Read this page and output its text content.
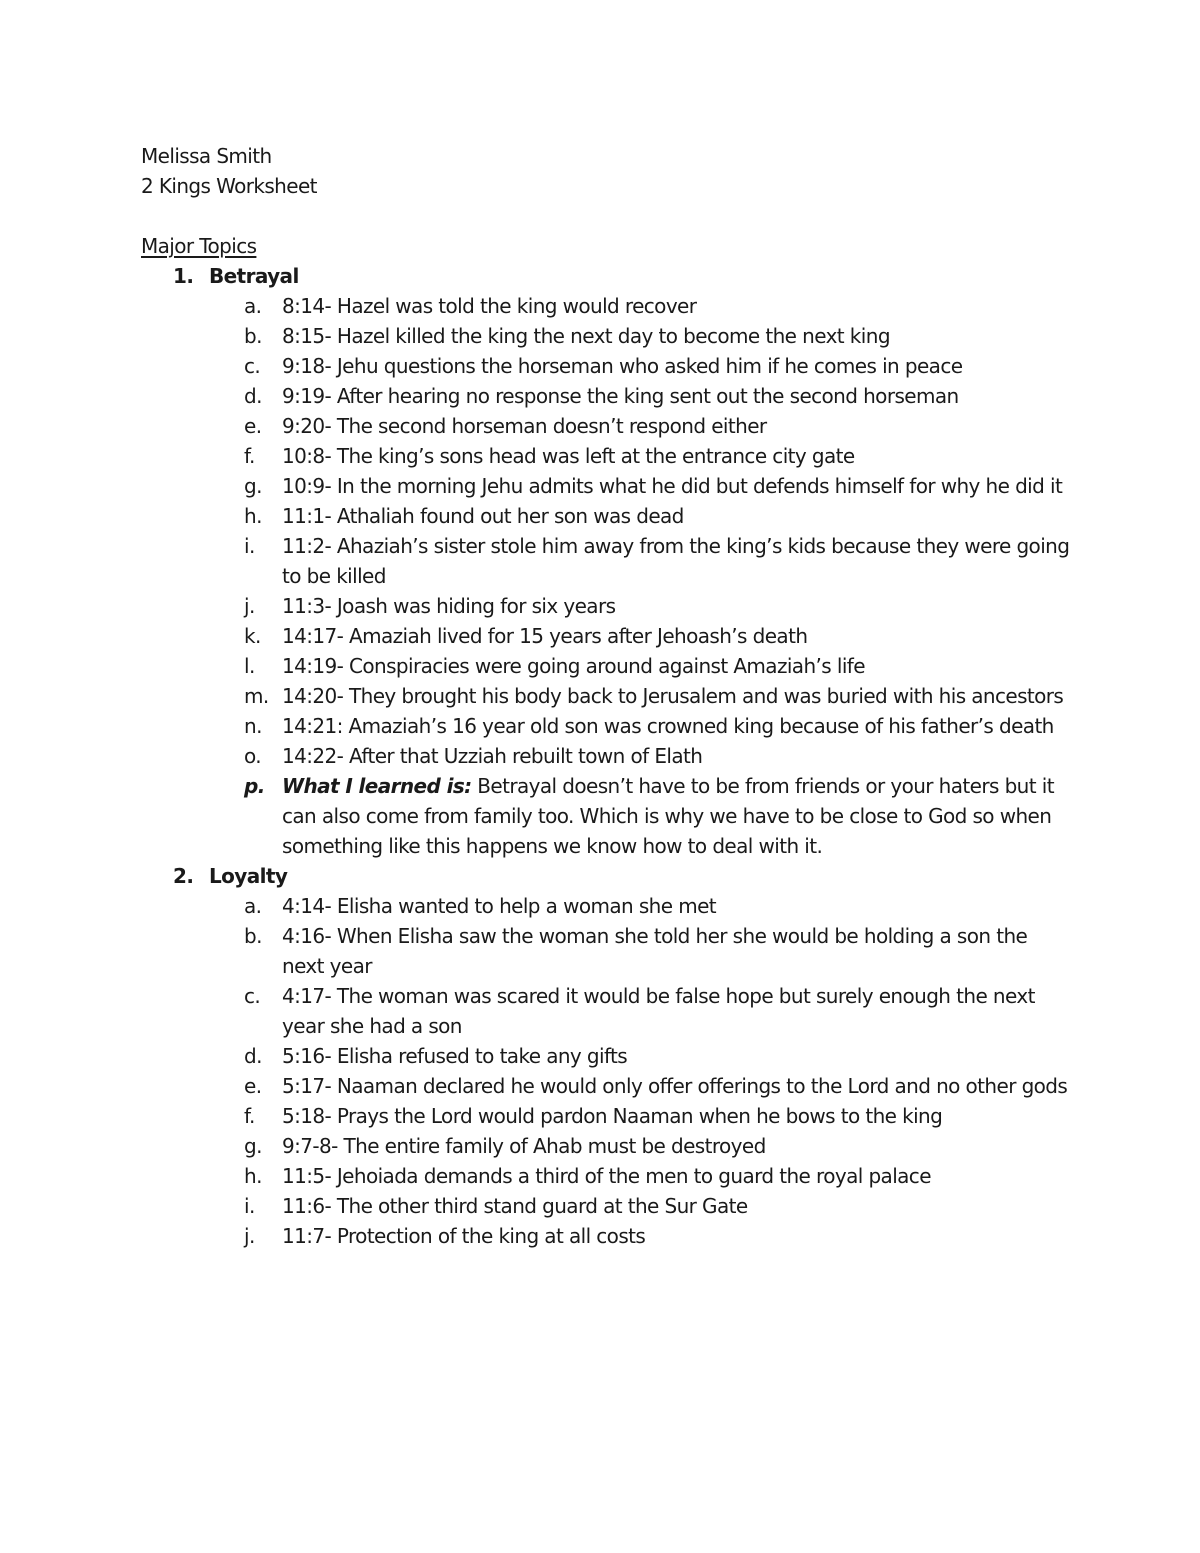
Melissa Smith
2 Kings Worksheet
Major Topics
1. Betrayal
a.	8:14- Hazel was told the king would recover
b.	8:15- Hazel killed the king the next day to become the next king
c.	9:18- Jehu questions the horseman who asked him if he comes in peace
d.	9:19- After hearing no response the king sent out the second horseman
e.	9:20- The second horseman doesn’t respond either
f.	10:8- The king’s sons head was left at the entrance city gate
g.	10:9- In the morning Jehu admits what he did but defends himself for why he did it
h.	11:1- Athaliah found out her son was dead
i.	11:2- Ahaziah’s sister stole him away from the king’s kids because they were going to be killed
j.	11:3- Joash was hiding for six years
k.	14:17- Amaziah lived for 15 years after Jehoash’s death
l.	14:19- Conspiracies were going around against Amaziah’s life
m. 14:20- They brought his body back to Jerusalem and was buried with his ancestors
n.	14:21: Amaziah’s 16 year old son was crowned king because of his father’s death
o.	14:22- After that Uzziah rebuilt town of Elath
p. What I learned is: Betrayal doesn’t have to be from friends or your haters but it can also come from family too. Which is why we have to be close to God so when something like this happens we know how to deal with it.
2. Loyalty
a.	4:14- Elisha wanted to help a woman she met
b.	4:16- When Elisha saw the woman she told her she would be holding a son the next year
c.	4:17- The woman was scared it would be false hope but surely enough the next year she had a son
d.	5:16- Elisha refused to take any gifts
e.	5:17- Naaman declared he would only offer offerings to the Lord and no other gods
f.	5:18- Prays the Lord would pardon Naaman when he bows to the king
g.	9:7-8- The entire family of Ahab must be destroyed
h.	11:5- Jehoiada demands a third of the men to guard the royal palace
i.	11:6- The other third stand guard at the Sur Gate
j.	11:7- Protection of the king at all costs
